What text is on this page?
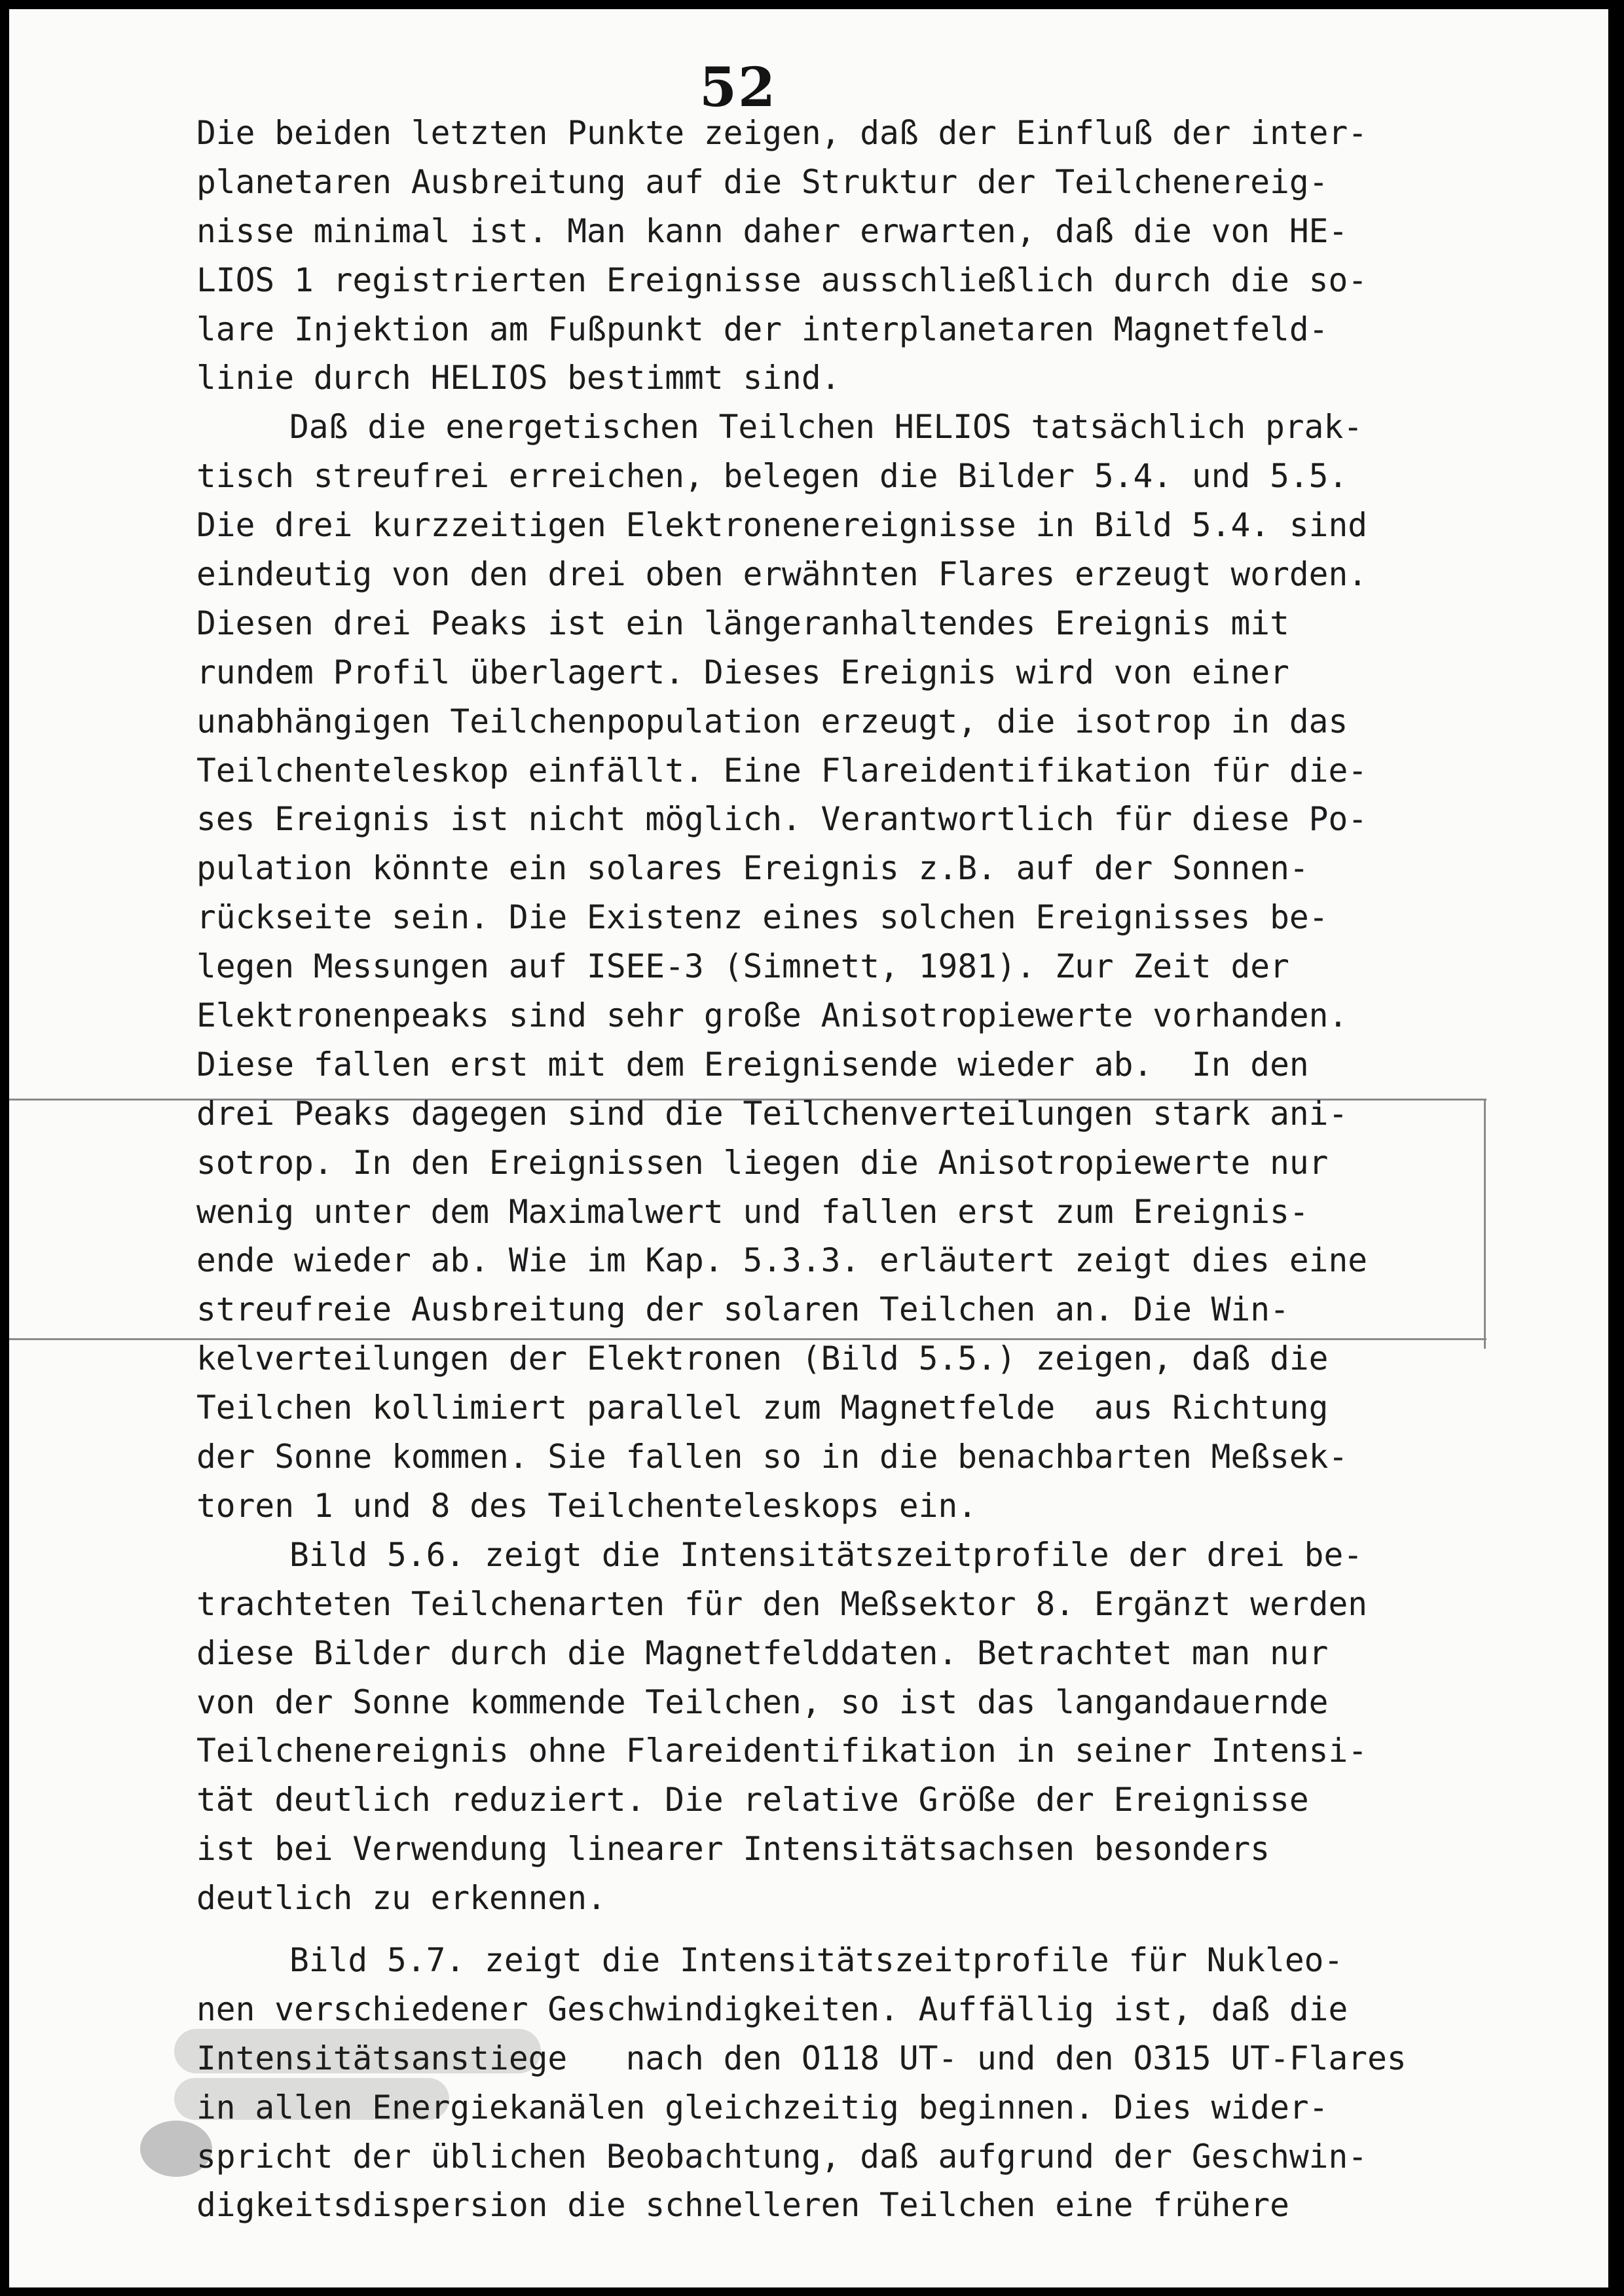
52
Die beiden letzten Punkte zeigen, daß der Einfluß der inter-
planetaren Ausbreitung auf die Struktur der Teilchenereig-
nisse minimal ist. Man kann daher erwarten, daß die von HE-
LIOS 1 registrierten Ereignisse ausschließlich durch die so-
lare Injektion am Fußpunkt der interplanetaren Magnetfeld-
linie durch HELIOS bestimmt sind.
Daß die energetischen Teilchen HELIOS tatsächlich prak-
tisch streufrei erreichen, belegen die Bilder 5.4. und 5.5.
Die drei kurzzeitigen Elektronenereignisse in Bild 5.4. sind
eindeutig von den drei oben erwähnten Flares erzeugt worden.
Diesen drei Peaks ist ein längeranhaltendes Ereignis mit
rundem Profil überlagert. Dieses Ereignis wird von einer
unabhängigen Teilchenpopulation erzeugt, die isotrop in das
Teilchenteleskop einfällt. Eine Flareidentifikation für die-
ses Ereignis ist nicht möglich. Verantwortlich für diese Po-
pulation könnte ein solares Ereignis z.B. auf der Sonnen-
rückseite sein. Die Existenz eines solchen Ereignisses be-
legen Messungen auf ISEE-3 (Simnett, 1981). Zur Zeit der
Elektronenpeaks sind sehr große Anisotropiewerte vorhanden.
Diese fallen erst mit dem Ereignisende wieder ab.  In den
drei Peaks dagegen sind die Teilchenverteilungen stark ani-
sotrop. In den Ereignissen liegen die Anisotropiewerte nur
wenig unter dem Maximalwert und fallen erst zum Ereignis-
ende wieder ab. Wie im Kap. 5.3.3. erläutert zeigt dies eine
streufreie Ausbreitung der solaren Teilchen an. Die Win-
kelverteilungen der Elektronen (Bild 5.5.) zeigen, daß die
Teilchen kollimiert parallel zum Magnetfelde  aus Richtung
der Sonne kommen. Sie fallen so in die benachbarten Meßsek-
toren 1 und 8 des Teilchenteleskops ein.
Bild 5.6. zeigt die Intensitätszeitprofile der drei be-
trachteten Teilchenarten für den Meßsektor 8. Ergänzt werden
diese Bilder durch die Magnetfelddaten. Betrachtet man nur
von der Sonne kommende Teilchen, so ist das langandauernde
Teilchenereignis ohne Flareidentifikation in seiner Intensi-
tät deutlich reduziert. Die relative Größe der Ereignisse
ist bei Verwendung linearer Intensitätsachsen besonders
deutlich zu erkennen.
Bild 5.7. zeigt die Intensitätszeitprofile für Nukleo-
nen verschiedener Geschwindigkeiten. Auffällig ist, daß die
Intensitätsanstiege   nach den O118 UT- und den O315 UT-Flares
in allen Energiekanälen gleichzeitig beginnen. Dies wider-
spricht der üblichen Beobachtung, daß aufgrund der Geschwin-
digkeitsdispersion die schnelleren Teilchen eine frühere
